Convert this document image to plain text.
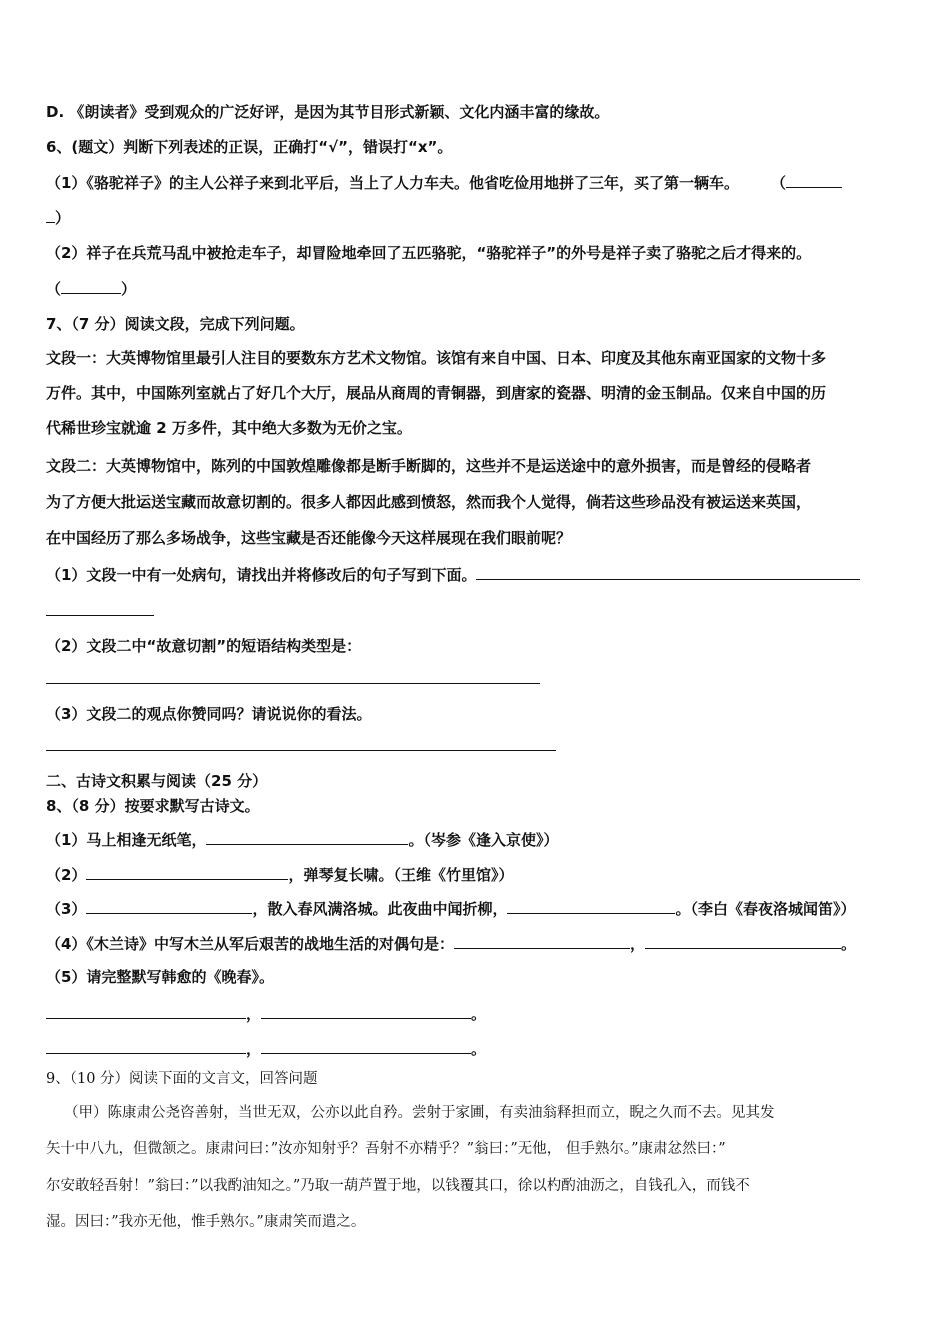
D. 《朗读者》受到观众的广泛好评，是因为其节目形式新颖、文化内涵丰富的缘故。
6、(题文）判断下列表述的正误，正确打“√”，错误打“x”。
（1）《骆驼祥子》的主人公祥子来到北平后，当上了人力车夫。他省吃俭用地拼了三年，买了第一辆车。 （
）
（2）祥子在兵荒马乱中被抢走车子，却冒险地牵回了五匹骆驼，“骆驼祥子”的外号是祥子卖了骆驼之后才得来的。
（	）
7、（7 分）阅读文段，完成下列问题。
文段一：大英博物馆里最引人注目的要数东方艺术文物馆。该馆有来自中国、日本、印度及其他东南亚国家的文物十多
万件。其中，中国陈列室就占了好几个大厅，展品从商周的青铜器，到唐家的瓷器、明清的金玉制品。仅来自中国的历
代稀世珍宝就逾 2 万多件，其中绝大多数为无价之宝。
文段二：大英博物馆中，陈列的中国敦煌雕像都是断手断脚的，这些并不是运送途中的意外损害，而是曾经的侵略者
为了方便大批运送宝藏而故意切割的。很多人都因此感到愤怒，然而我个人觉得，倘若这些珍品没有被运送来英国，
在中国经历了那么多场战争，这些宝藏是否还能像今天这样展现在我们眼前呢？
（1）文段一中有一处病句，请找出并将修改后的句子写到下面。
（2）文段二中“故意切割”的短语结构类型是：
（3）文段二的观点你赞同吗？请说说你的看法。
二、古诗文积累与阅读（25 分）
8、（8 分）按要求默写古诗文。
（1）马上相逢无纸笔，	。（岑参《逢入京使》）
（2）	，弹琴复长啸。（王维《竹里馆》）
（3）	，散入春风满洛城。此夜曲中闻折柳，	。（李白《春夜洛城闻笛》）
（4）《木兰诗》中写木兰从军后艰苦的战地生活的对偶句是：	，	。
（5）请完整默写韩愈的《晚春》。
，	。
，	。
9、（10 分）阅读下面的文言文，回答问题
（甲）陈康肃公尧咨善射，当世无双，公亦以此自矜。尝射于家圃，有卖油翁释担而立，睨之久而不去。见其发
矢十中八九，但微颔之。康肃问曰：”汝亦知射乎？吾射不亦精乎？”翁曰：”无他， 但手熟尔。”康肃忿然曰：”
尔安敢轻吾射！”翁曰：”以我酌油知之。”乃取一葫芦置于地，以钱覆其口，徐以杓酌油沥之，自钱孔入，而钱不
湿。因曰：”我亦无他，惟手熟尔。”康肃笑而遣之。
